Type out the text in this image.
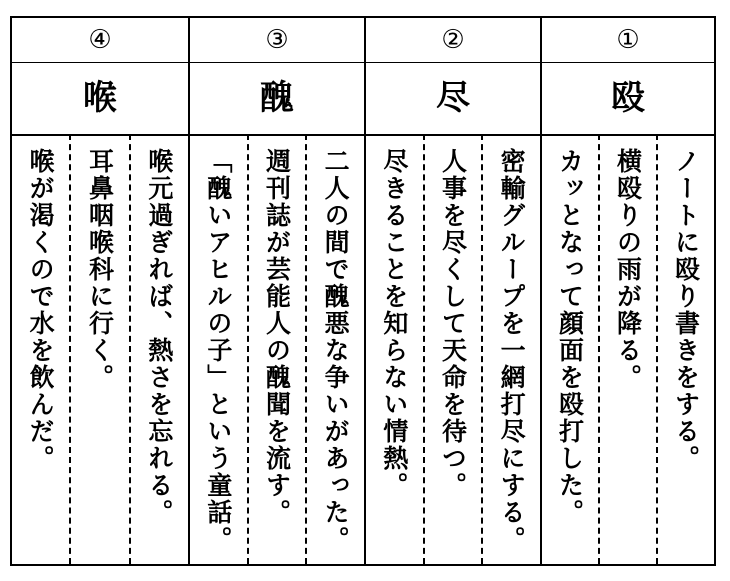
④
喉
喉元過ぎれば、熱さを忘れる。
耳鼻咽喉科に行く。
喉が渇くので水を飲んだ。
③
醜
二人の間で醜悪な争いがあった。
週刊誌が芸能人の醜聞を流す。
「醜いアヒルの子」という童話。
②
尽
密輸グループを一網打尽にする。
人事を尽くして天命を待つ。
尽きることを知らない情熱。
①
殴
ノートに殴り書きをする。
横殴りの雨が降る。
カッとなって顔面を殴打した。
